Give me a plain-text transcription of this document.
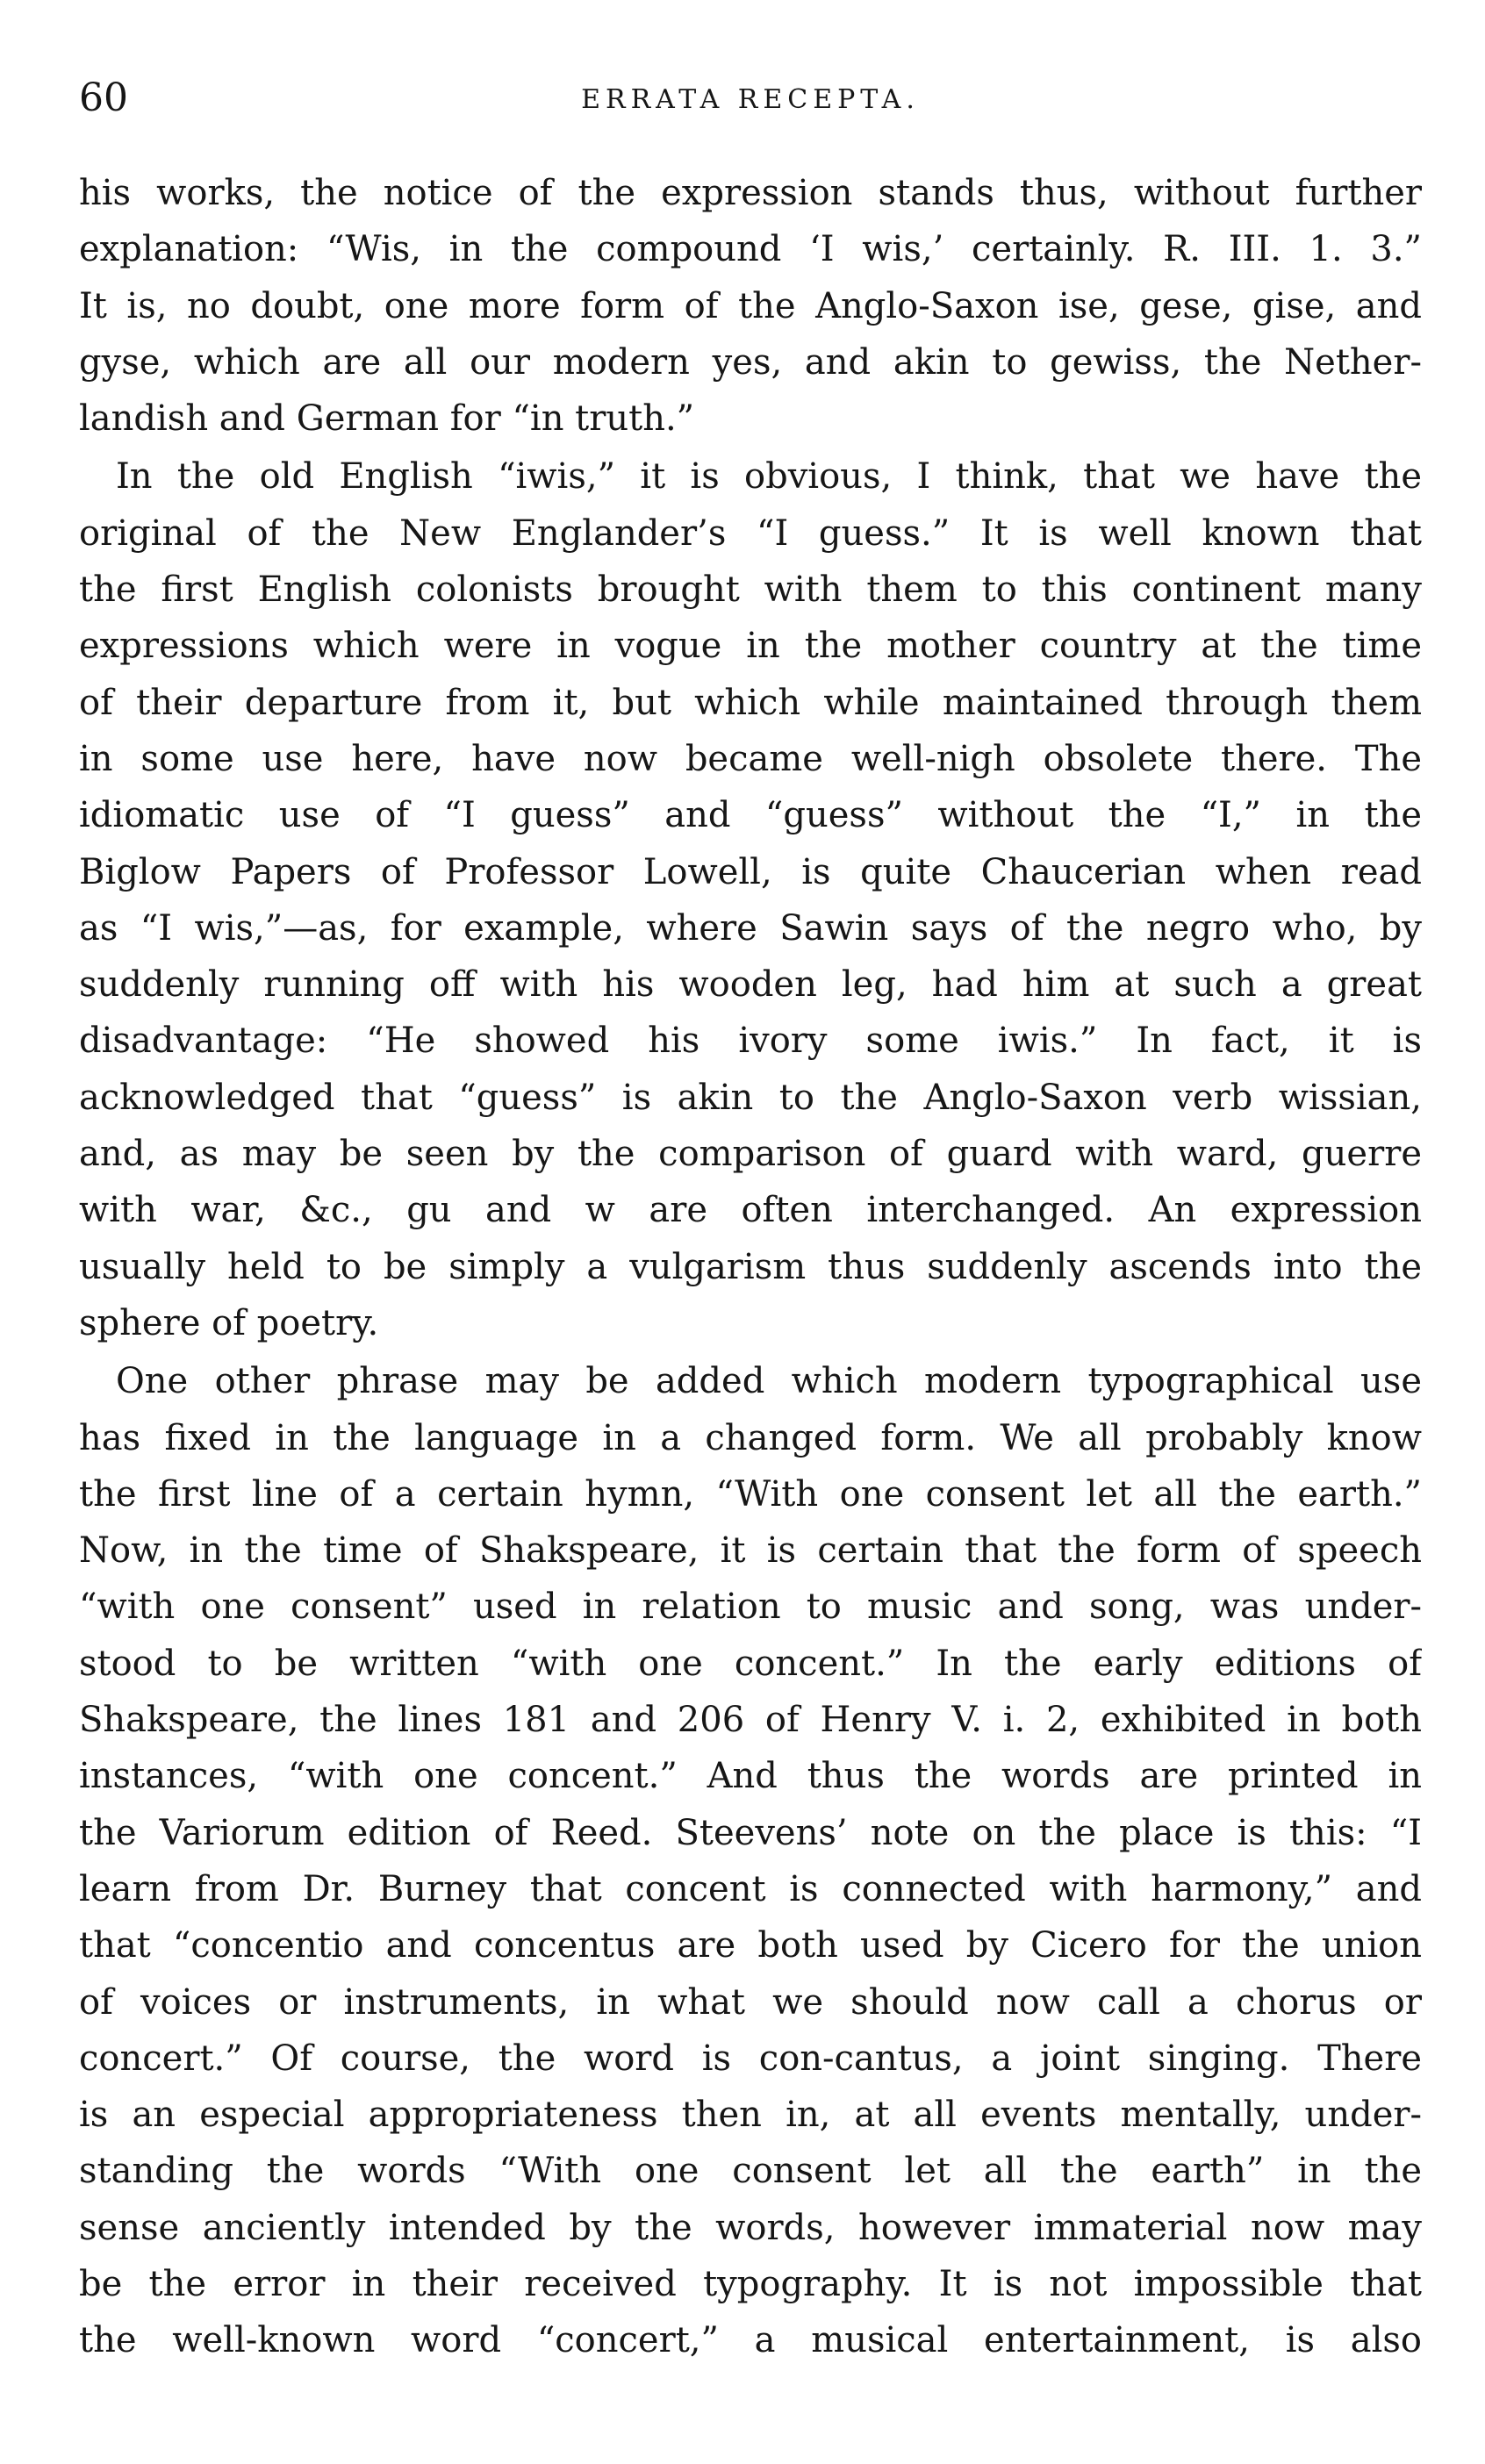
60	ERRATA RECEPTA.

his works, the notice of the expression stands thus, without further
explanation: “Wis, in the compound ‘I wis,’ certainly. R. III. 1. 3.”
It is, no doubt, one more form of the Anglo-Saxon ise, gese, gise, and
gyse, which are all our modern yes, and akin to gewiss, the Nether-
landish and German for “in truth.”

In the old English “iwis,” it is obvious, I think, that we have the
original of the New Englander’s “I guess.” It is well known that
the first English colonists brought with them to this continent many
expressions which were in vogue in the mother country at the time
of their departure from it, but which while maintained through them
in some use here, have now became well-nigh obsolete there. The
idiomatic use of “I guess” and “guess” without the “I,” in the
Biglow Papers of Professor Lowell, is quite Chaucerian when read
as “I wis,”—as, for example, where Sawin says of the negro who, by
suddenly running off with his wooden leg, had him at such a great
disadvantage: “He showed his ivory some iwis.” In fact, it is
acknowledged that “guess” is akin to the Anglo-Saxon verb wissian,
and, as may be seen by the comparison of guard with ward, guerre
with war, &c., gu and w are often interchanged. An expression
usually held to be simply a vulgarism thus suddenly ascends into the
sphere of poetry.

One other phrase may be added which modern typographical use
has fixed in the language in a changed form. We all probably know
the first line of a certain hymn, “With one consent let all the earth.”
Now, in the time of Shakspeare, it is certain that the form of speech
“with one consent” used in relation to music and song, was under-
stood to be written “with one concent.” In the early editions of
Shakspeare, the lines 181 and 206 of Henry V. i. 2, exhibited in both
instances, “with one concent.” And thus the words are printed in
the Variorum edition of Reed. Steevens’ note on the place is this: “I
learn from Dr. Burney that concent is connected with harmony,” and
that “concentio and concentus are both used by Cicero for the union
of voices or instruments, in what we should now call a chorus or
concert.” Of course, the word is con-cantus, a joint singing. There
is an especial appropriateness then in, at all events mentally, under-
standing the words “With one consent let all the earth” in the
sense anciently intended by the words, however immaterial now may
be the error in their received typography. It is not impossible that
the well-known word “concert,” a musical entertainment, is also
